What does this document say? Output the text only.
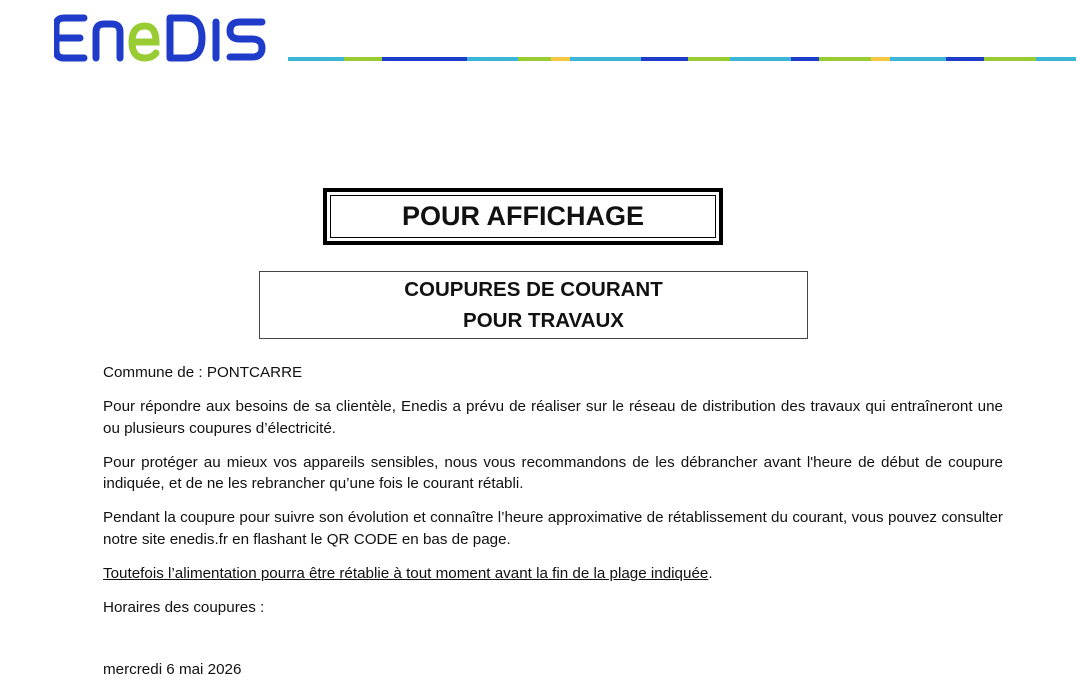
POUR AFFICHAGE
COUPURES DE COURANT
POUR TRAVAUX

Commune de : PONTCARRE

Pour répondre aux besoins de sa clientèle, Enedis a prévu de réaliser sur le réseau de distribution des travaux qui entraîneront une ou plusieurs coupures d’électricité.

Pour protéger au mieux vos appareils sensibles, nous vous recommandons de les débrancher avant l'heure de début de coupure indiquée, et de ne les rebrancher qu’une fois le courant rétabli.

Pendant la coupure pour suivre son évolution et connaître l’heure approximative de rétablissement du courant, vous pouvez consulter notre site enedis.fr en flashant le QR CODE en bas de page.

Toutefois l’alimentation pourra être rétablie à tout moment avant la fin de la plage indiquée.

Horaires des coupures :

mercredi 6 mai 2026
